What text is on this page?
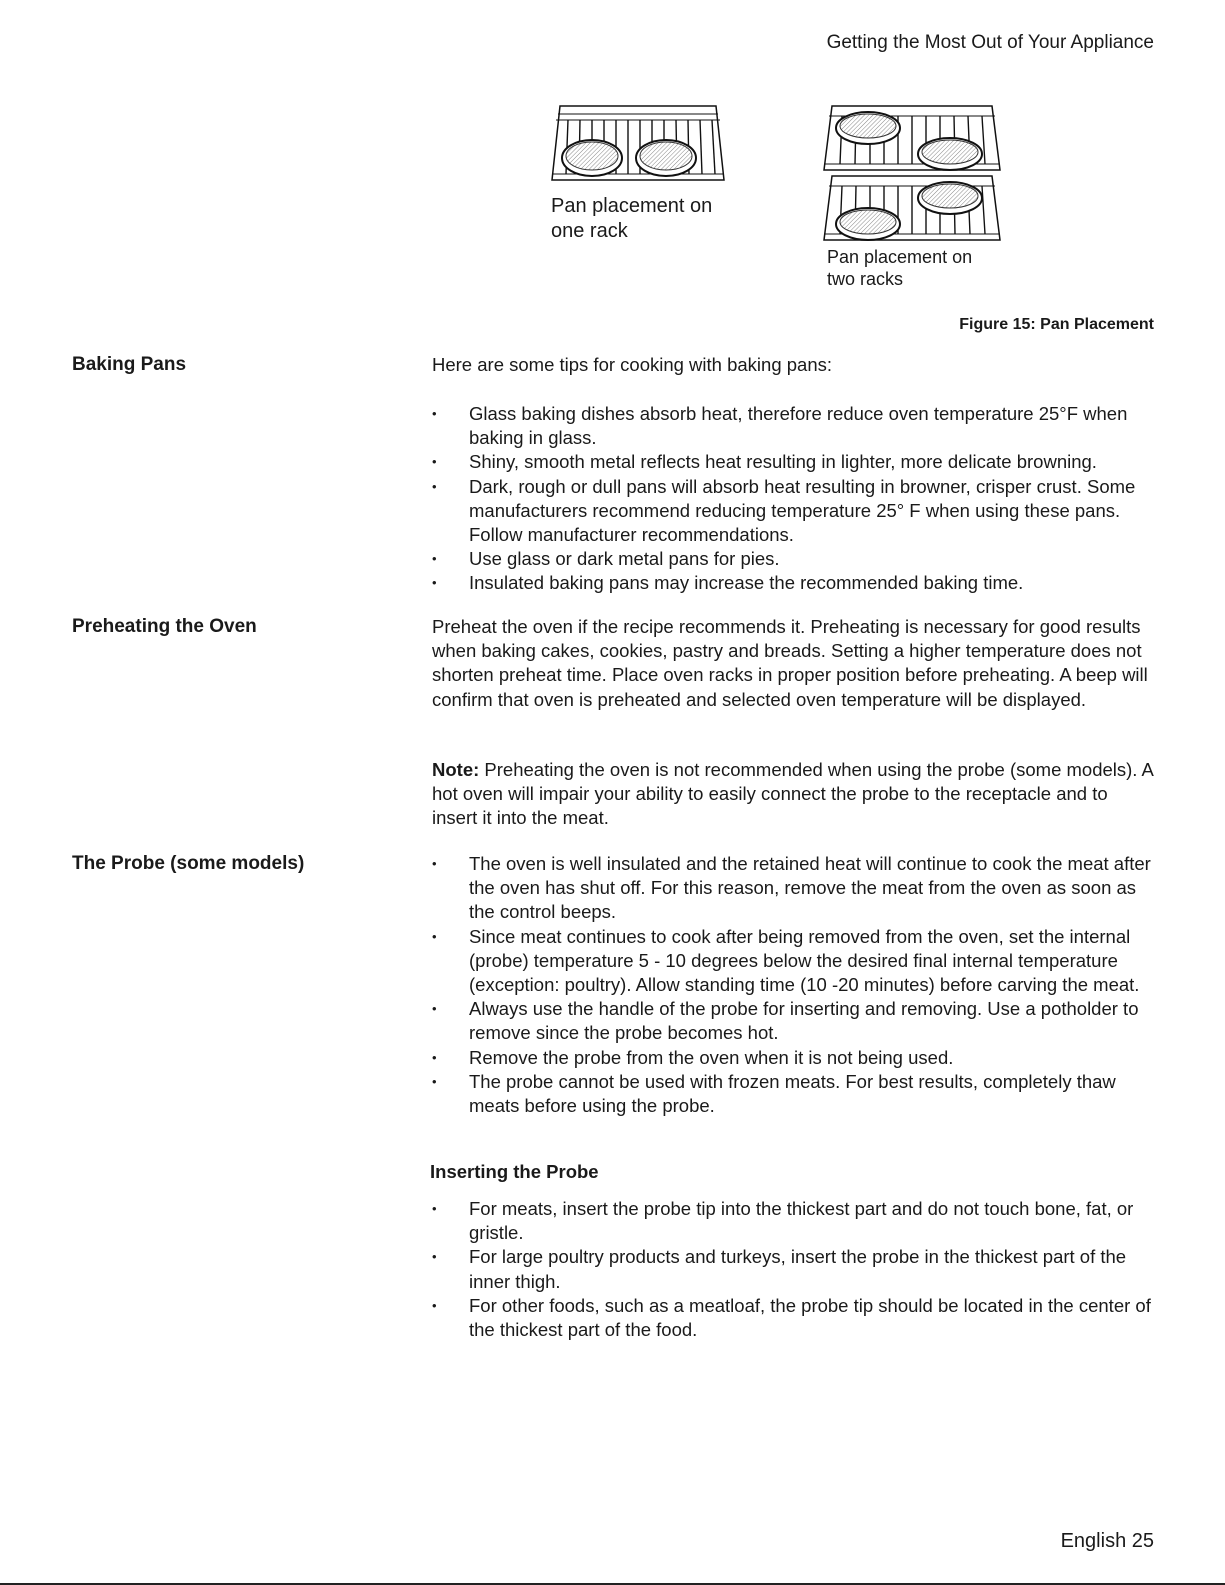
Getting the Most Out of Your Appliance
Pan placement on
one rack
Pan placement on
two racks
Figure 15: Pan Placement
Baking Pans	Here are some tips for cooking with baking pans:
• Glass baking dishes absorb heat, therefore reduce oven temperature 25°F when baking in glass.
• Shiny, smooth metal reflects heat resulting in lighter, more delicate browning.
• Dark, rough or dull pans will absorb heat resulting in browner, crisper crust. Some manufacturers recommend reducing temperature 25° F when using these pans. Follow manufacturer recommendations.
• Use glass or dark metal pans for pies.
• Insulated baking pans may increase the recommended baking time.
Preheating the Oven	Preheat the oven if the recipe recommends it. Preheating is necessary for good results when baking cakes, cookies, pastry and breads. Setting a higher temperature does not shorten preheat time. Place oven racks in proper position before preheating. A beep will confirm that oven is preheated and selected oven temperature will be displayed.

Note: Preheating the oven is not recommended when using the probe (some models). A hot oven will impair your ability to easily connect the probe to the receptacle and to insert it into the meat.

The Probe (some models)
•	The oven is well insulated and the retained heat will continue to cook the meat after the oven has shut off. For this reason, remove the meat from the oven as soon as the control beeps.
• Since meat continues to cook after being removed from the oven, set the internal (probe) temperature 5 - 10 degrees below the desired final internal temperature (exception: poultry). Allow standing time (10 -20 minutes) before carving the meat.
• Always use the handle of the probe for inserting and removing. Use a potholder to remove since the probe becomes hot.
• Remove the probe from the oven when it is not being used.
• The probe cannot be used with frozen meats. For best results, completely thaw meats before using the probe.
Inserting the Probe
• For meats, insert the probe tip into the thickest part and do not touch bone, fat, or gristle.
• For large poultry products and turkeys, insert the probe in the thickest part of the inner thigh.
• For other foods, such as a meatloaf, the probe tip should be located in the center of the thickest part of the food.
English 25
